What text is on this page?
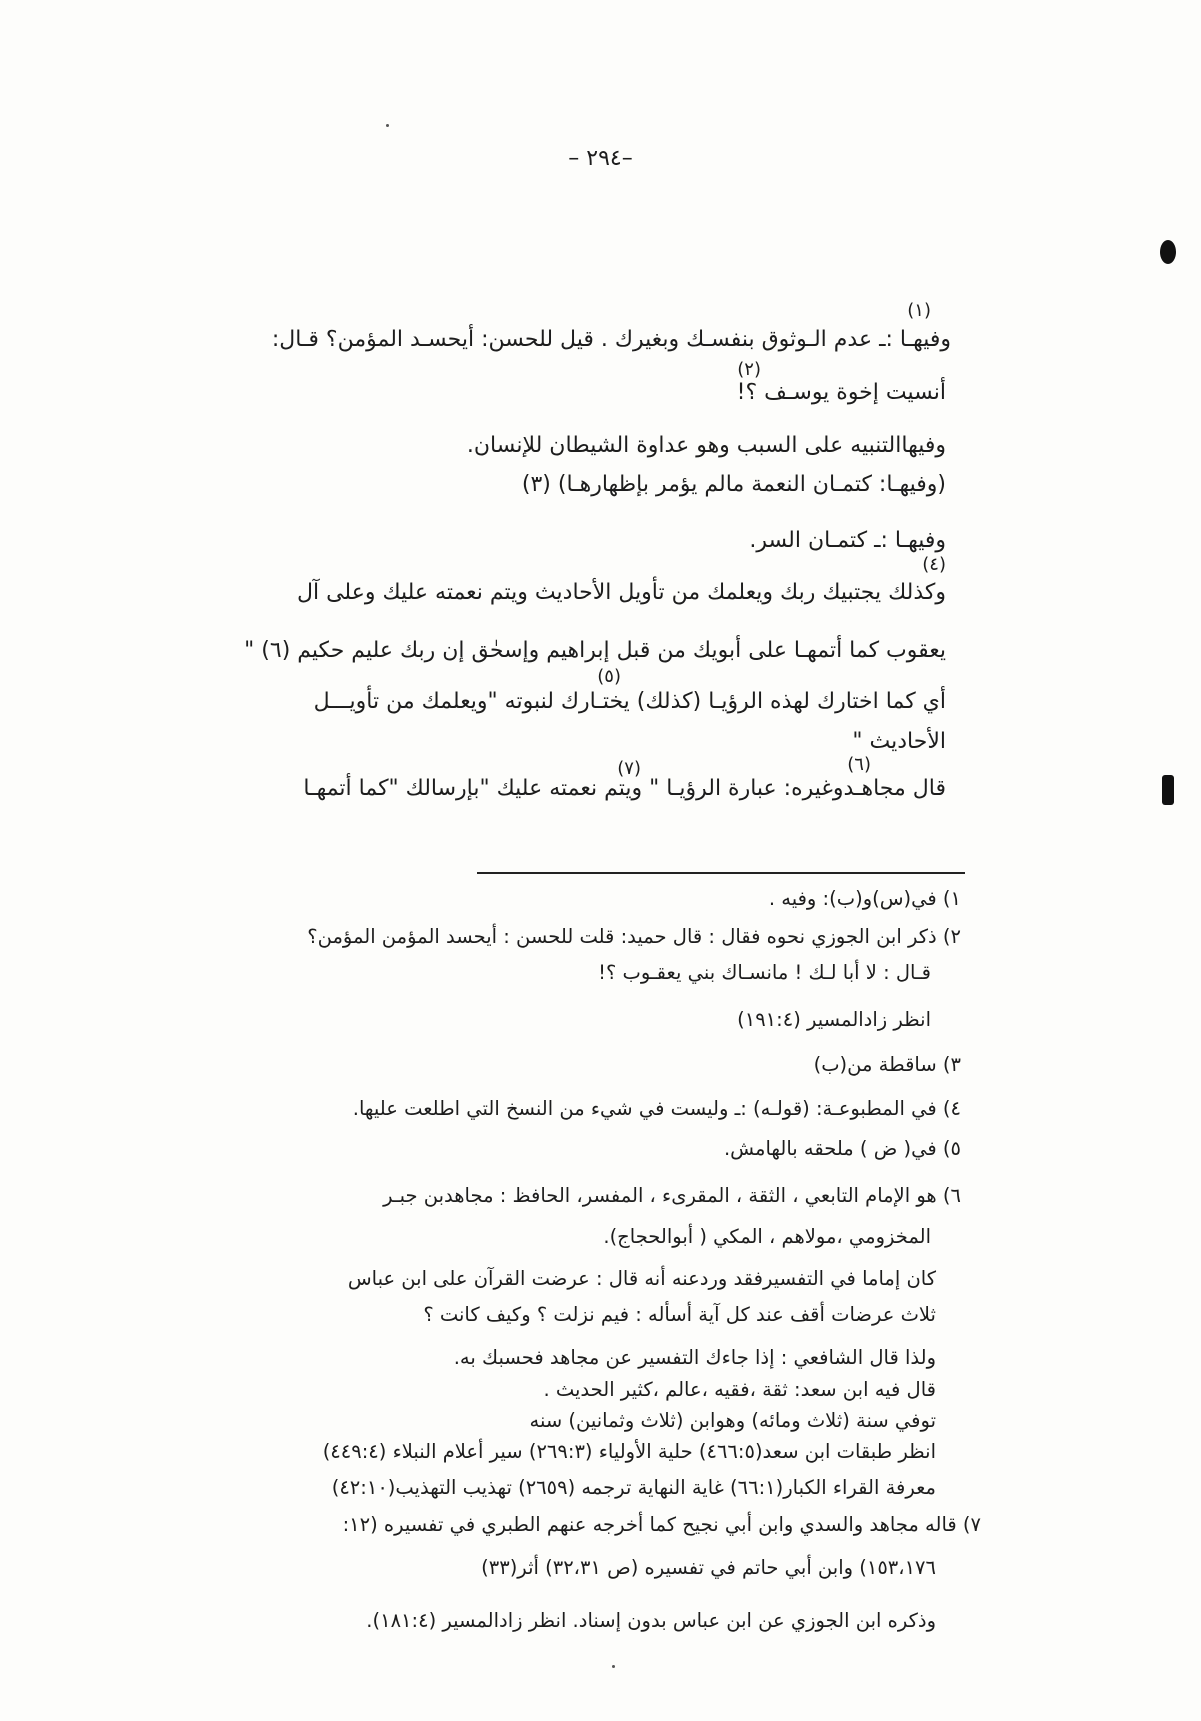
–٢٩٤ –
(١)
وفيهـا :ـ عدم الـوثوق بنفسـك وبغيرك . قيل للحسن: أيحسـد المؤمن؟ قـال:
(٢)
أنسيت إخوة يوسـف ؟!
وفيهاالتنبيه على السبب وهو عداوة الشيطان للإنسان.
(وفيهـا: كتمـان النعمة مالم يؤمر بإظهارهـا) (٣)
وفيهـا :ـ كتمـان السر.
(٤)
وكذلك يجتبيك ربك ويعلمك من تأويل الأحاديث ويتم نعمته عليك وعلى آل
يعقوب كما أتمهـا على أبويك من قبل إبراهيم وإسحٰق إن ربك عليم حكيم (٦) "
(٥)
أي كما اختارك لهذه الرؤيـا (كذلك) يختـارك لنبوته "ويعلمك من تأويـــل
الأحاديث "
(٦)
(٧)
قال مجاهـدوغيره: عبارة الرؤيـا " ويتم نعمته عليك "بإرسالك "كما أتمهـا
١) في(س)و(ب): وفيه .
٢) ذكر ابن الجوزي نحوه فقال : قال حميد: قلت للحسن : أيحسد المؤمن المؤمن؟
قـال : لا أبا لـك ! مانسـاك بني يعقـوب ؟!
انظر زادالمسير (١٩١:٤)
٣) ساقطة من(ب)
٤) في المطبوعـة: (قولـه) :ـ وليست في شيء من النسخ التي اطلعت عليها.
٥) في( ض ) ملحقه بالهامش.
٦) هو الإمام التابعي ، الثقة ، المقرىء ، المفسر، الحافظ : مجاهدبن جبـر
المخزومي ،مولاهم ، المكي ( أبوالحجاج).
كان إماما في التفسيرفقد وردعنه أنه قال : عرضت القرآن على ابن عباس
ثلاث عرضات أقف عند كل آية أسأله : فيم نزلت ؟ وكيف كانت ؟
ولذا قال الشافعي : إذا جاءك التفسير عن مجاهد فحسبك به.
قال فيه ابن سعد: ثقة ،فقيه ،عالم ،كثير الحديث .
توفي سنة (ثلاث ومائه) وهوابن (ثلاث وثمانين) سنه
انظر طبقات ابن سعد(٤٦٦:٥) حلية الأولياء (٢٦٩:٣) سير أعلام النبلاء (٤٤٩:٤)
معرفة القراء الكبار(٦٦:١) غاية النهاية ترجمه (٢٦٥٩) تهذيب التهذيب(٤٢:١٠)
٧) قاله مجاهد والسدي وابن أبي نجيح كما أخرجه عنهم الطبري في تفسيره (١٢:
١٥٣،١٧٦) وابن أبي حاتم في تفسيره (ص ٣٢،٣١) أثر(٣٣)
وذكره ابن الجوزي عن ابن عباس بدون إسناد. انظر زادالمسير (١٨١:٤).
